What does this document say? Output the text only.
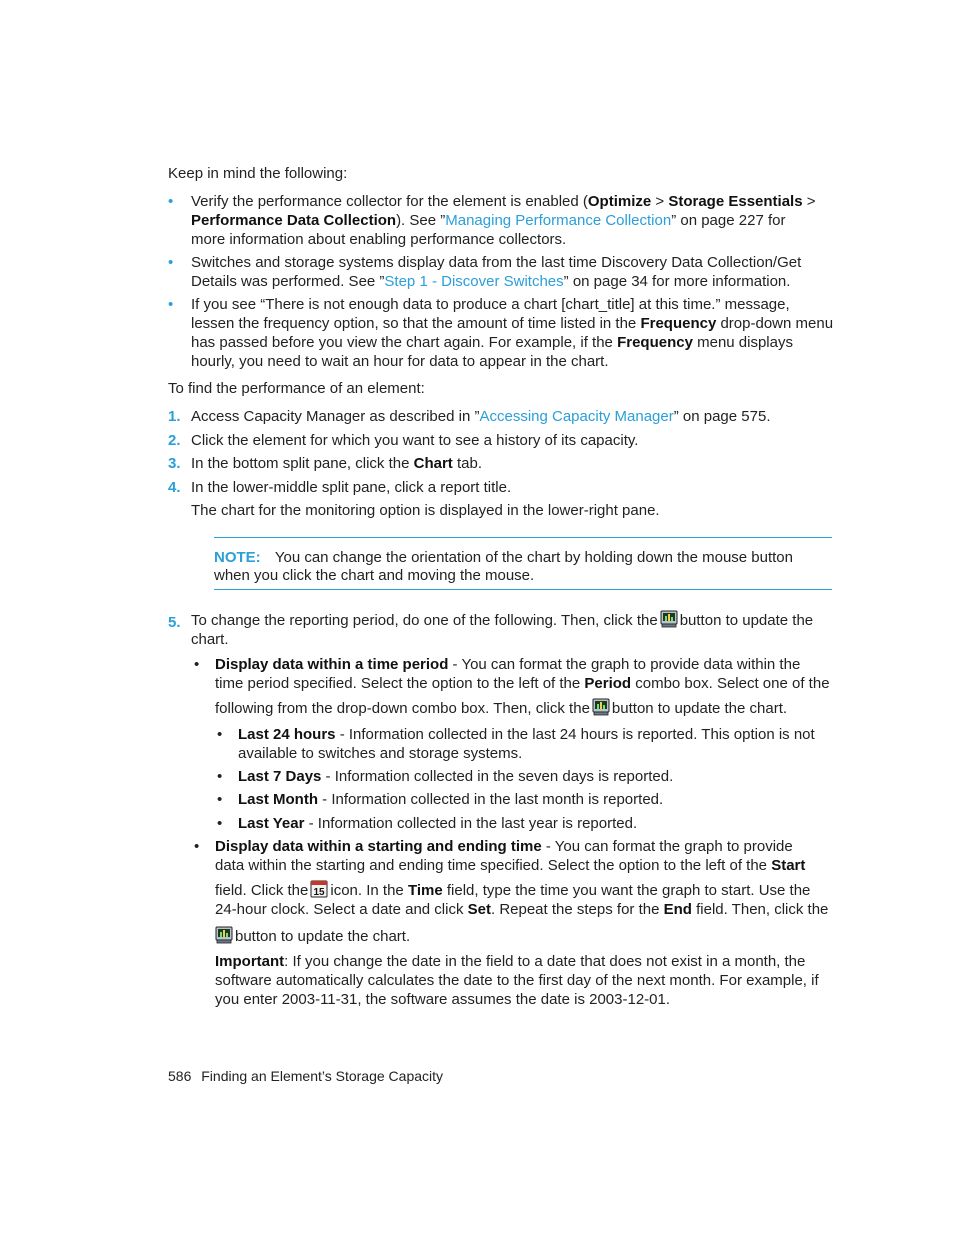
Keep in mind the following:
• Verify the performance collector for the element is enabled (Optimize > Storage Essentials >
Performance Data Collection). See ”Managing Performance Collection” on page 227 for
more information about enabling performance collectors.
• Switches and storage systems display data from the last time Discovery Data Collection/Get
Details was performed. See ”Step 1 - Discover Switches” on page 34 for more information.
• If you see “There is not enough data to produce a chart [chart_title] at this time.” message,
lessen the frequency option, so that the amount of time listed in the Frequency drop-down menu
has passed before you view the chart again. For example, if the Frequency menu displays
hourly, you need to wait an hour for data to appear in the chart.
To find the performance of an element:
1. Access Capacity Manager as described in ”Accessing Capacity Manager” on page 575.
2. Click the element for which you want to see a history of its capacity.
3. In the bottom split pane, click the Chart tab.
4. In the lower-middle split pane, click a report title.
The chart for the monitoring option is displayed in the lower-right pane.
NOTE: You can change the orientation of the chart by holding down the mouse button
when you click the chart and moving the mouse.
5. To change the reporting period, do one of the following. Then, click the button to update the
chart.
• Display data within a time period - You can format the graph to provide data within the
time period specified. Select the option to the left of the Period combo box. Select one of the
following from the drop-down combo box. Then, click the button to update the chart.
• Last 24 hours - Information collected in the last 24 hours is reported. This option is not
available to switches and storage systems.
• Last 7 Days - Information collected in the seven days is reported.
• Last Month - Information collected in the last month is reported.
• Last Year - Information collected in the last year is reported.
• Display data within a starting and ending time - You can format the graph to provide
data within the starting and ending time specified. Select the option to the left of the Start
field. Click the 15 icon. In the Time field, type the time you want the graph to start. Use the
24-hour clock. Select a date and click Set. Repeat the steps for the End field. Then, click the
button to update the chart.
Important: If you change the date in the field to a date that does not exist in a month, the
software automatically calculates the date to the first day of the next month. For example, if
you enter 2003-11-31, the software assumes the date is 2003-12-01.
586 Finding an Element’s Storage Capacity
